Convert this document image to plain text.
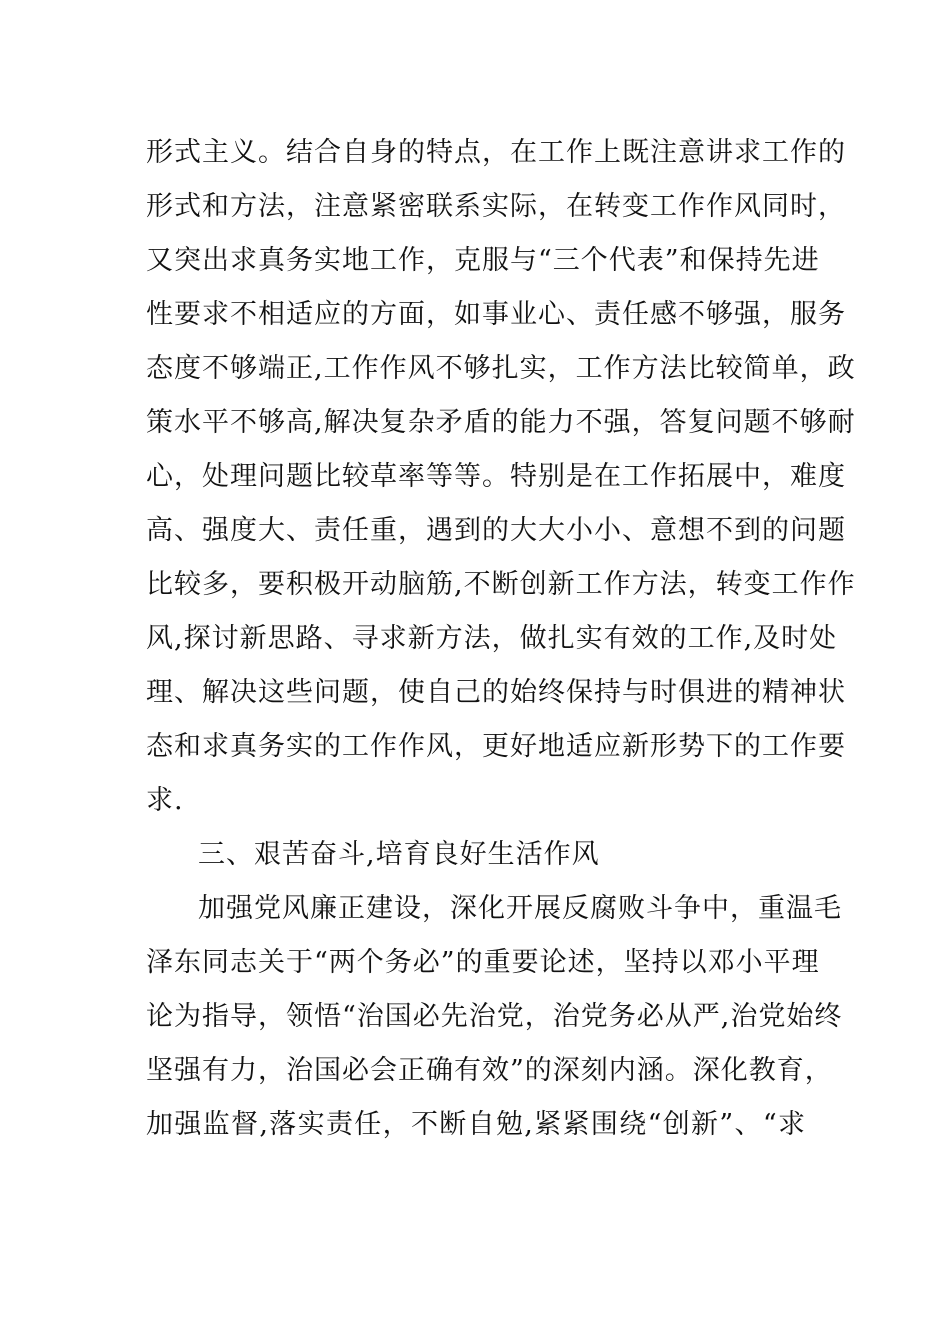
形式主义。结合自身的特点，在工作上既注意讲求工作的
形式和方法，注意紧密联系实际，在转变工作作风同时，
又突出求真务实地工作，克服与“三个代表”和保持先进
性要求不相适应的方面，如事业心、责任感不够强，服务
态度不够端正,工作作风不够扎实，工作方法比较简单，政
策水平不够高,解决复杂矛盾的能力不强，答复问题不够耐
心，处理问题比较草率等等。特别是在工作拓展中，难度
高、强度大、责任重，遇到的大大小小、意想不到的问题
比较多，要积极开动脑筋,不断创新工作方法，转变工作作
风,探讨新思路、寻求新方法，做扎实有效的工作,及时处
理、解决这些问题，使自己的始终保持与时俱进的精神状
态和求真务实的工作作风，更好地适应新形势下的工作要
求.
三、艰苦奋斗,培育良好生活作风
加强党风廉正建设，深化开展反腐败斗争中，重温毛
泽东同志关于“两个务必”的重要论述，坚持以邓小平理
论为指导，领悟“治国必先治党，治党务必从严,治党始终
坚强有力，治国必会正确有效”的深刻内涵。深化教育，
加强监督,落实责任，不断自勉,紧紧围绕“创新”、“求
